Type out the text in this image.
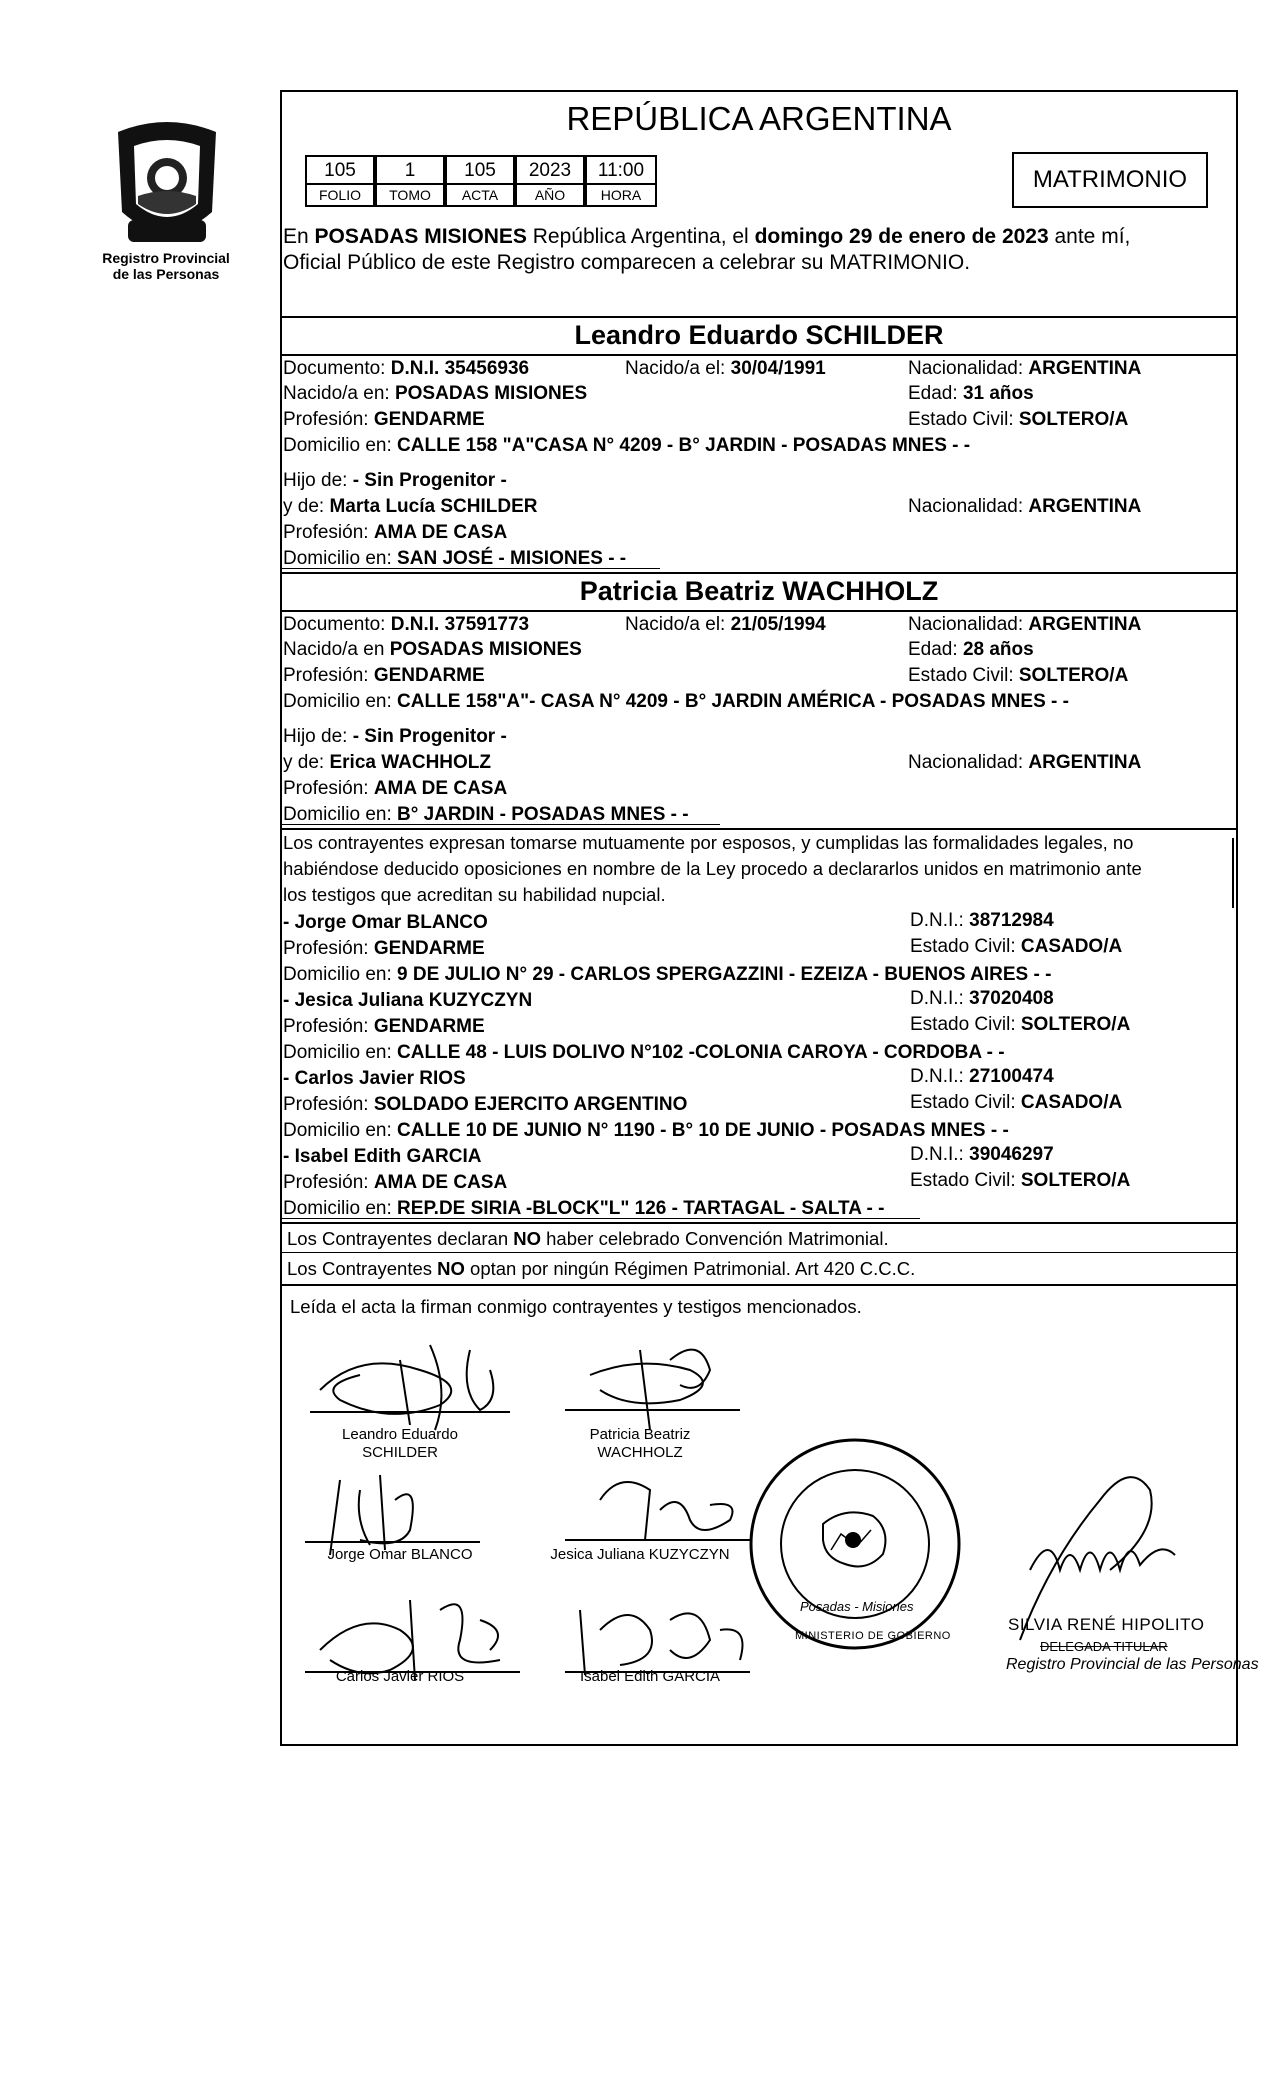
Registro Provincial
de las Personas
REPÚBLICA ARGENTINA
105	1	105	2023	11:00
FOLIO	TOMO	ACTA	AÑO	HORA
MATRIMONIO
En POSADAS MISIONES República Argentina, el domingo 29 de enero de 2023 ante mí,
Oficial Público de este Registro comparecen a celebrar su MATRIMONIO.
Leandro Eduardo SCHILDER
Documento: D.N.I. 35456936	Nacido/a el: 30/04/1991	Nacionalidad: ARGENTINA
Nacido/a en: POSADAS MISIONES	Edad: 31 años
Profesión: GENDARME	Estado Civil: SOLTERO/A
Domicilio en: CALLE 158 "A"CASA N° 4209 - B° JARDIN - POSADAS MNES - -
Hijo de: - Sin Progenitor -
y de: Marta Lucía SCHILDER	Nacionalidad: ARGENTINA
Profesión: AMA DE CASA
Domicilio en: SAN JOSÉ - MISIONES - -
Patricia Beatriz WACHHOLZ
Documento: D.N.I. 37591773	Nacido/a el: 21/05/1994	Nacionalidad: ARGENTINA
Nacido/a en POSADAS MISIONES	Edad: 28 años
Profesión: GENDARME	Estado Civil: SOLTERO/A
Domicilio en: CALLE 158"A"- CASA N° 4209 - B° JARDIN AMÉRICA - POSADAS MNES - -
Hijo de: - Sin Progenitor -
y de: Erica WACHHOLZ	Nacionalidad: ARGENTINA
Profesión: AMA DE CASA
Domicilio en: B° JARDIN - POSADAS MNES - -
Los contrayentes expresan tomarse mutuamente por esposos, y cumplidas las formalidades legales, no
habiéndose deducido oposiciones en nombre de la Ley procedo a declararlos unidos en matrimonio ante
los testigos que acreditan su habilidad nupcial.
- Jorge Omar BLANCO	D.N.I.: 38712984
Profesión: GENDARME	Estado Civil: CASADO/A
Domicilio en: 9 DE JULIO N° 29 - CARLOS SPERGAZZINI - EZEIZA - BUENOS AIRES - -
- Jesica Juliana KUZYCZYN	D.N.I.: 37020408
Profesión: GENDARME	Estado Civil: SOLTERO/A
Domicilio en: CALLE 48 - LUIS DOLIVO N°102 -COLONIA CAROYA - CORDOBA - -
- Carlos Javier RIOS	D.N.I.: 27100474
Profesión: SOLDADO EJERCITO ARGENTINO	Estado Civil: CASADO/A
Domicilio en: CALLE 10 DE JUNIO N° 1190 - B° 10 DE JUNIO - POSADAS MNES - -
- Isabel Edith GARCIA	D.N.I.: 39046297
Profesión: AMA DE CASA	Estado Civil: SOLTERO/A
Domicilio en: REP.DE SIRIA -BLOCK"L" 126 - TARTAGAL - SALTA - -
Los Contrayentes declaran NO haber celebrado Convención Matrimonial.
Los Contrayentes NO optan por ningún Régimen Patrimonial. Art 420 C.C.C.
Leída el acta la firman conmigo contrayentes y testigos mencionados.
Leandro Eduardo
SCHILDER
Patricia Beatriz
WACHHOLZ
Jorge Omar BLANCO	Jesica Juliana KUZYCZYN
Carlos Javier RIOS	Isabel Edith GARCIA
Posadas - Misiones
MINISTERIO DE GOBIERNO
SILVIA RENÉ HIPOLITO
DELEGADA TITULAR
Registro Provincial de las Personas
